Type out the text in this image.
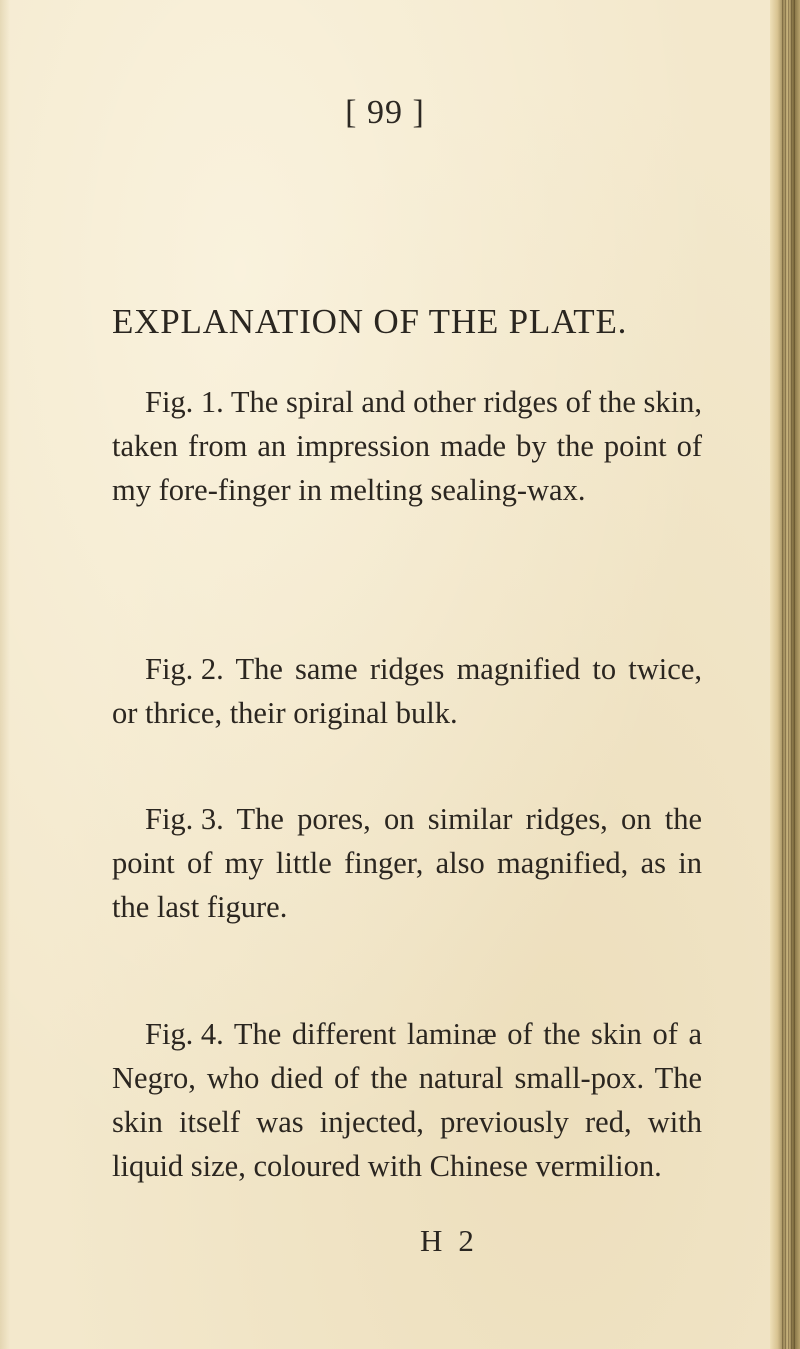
[ 99 ]
EXPLANATION OF THE PLATE.

Fig. 1. The spiral and other ridges of the skin, taken from an impression made by the point of my fore-finger in melting sealing-wax.

Fig. 2. The same ridges magnified to twice, or thrice, their original bulk.

Fig. 3. The pores, on similar ridges, on the point of my little finger, also magnified, as in the last figure.

Fig. 4. The different laminæ of the skin of a Negro, who died of the natural small-pox. The skin itself was injected, previously red, with liquid size, coloured with Chinese vermilion.

H 2
